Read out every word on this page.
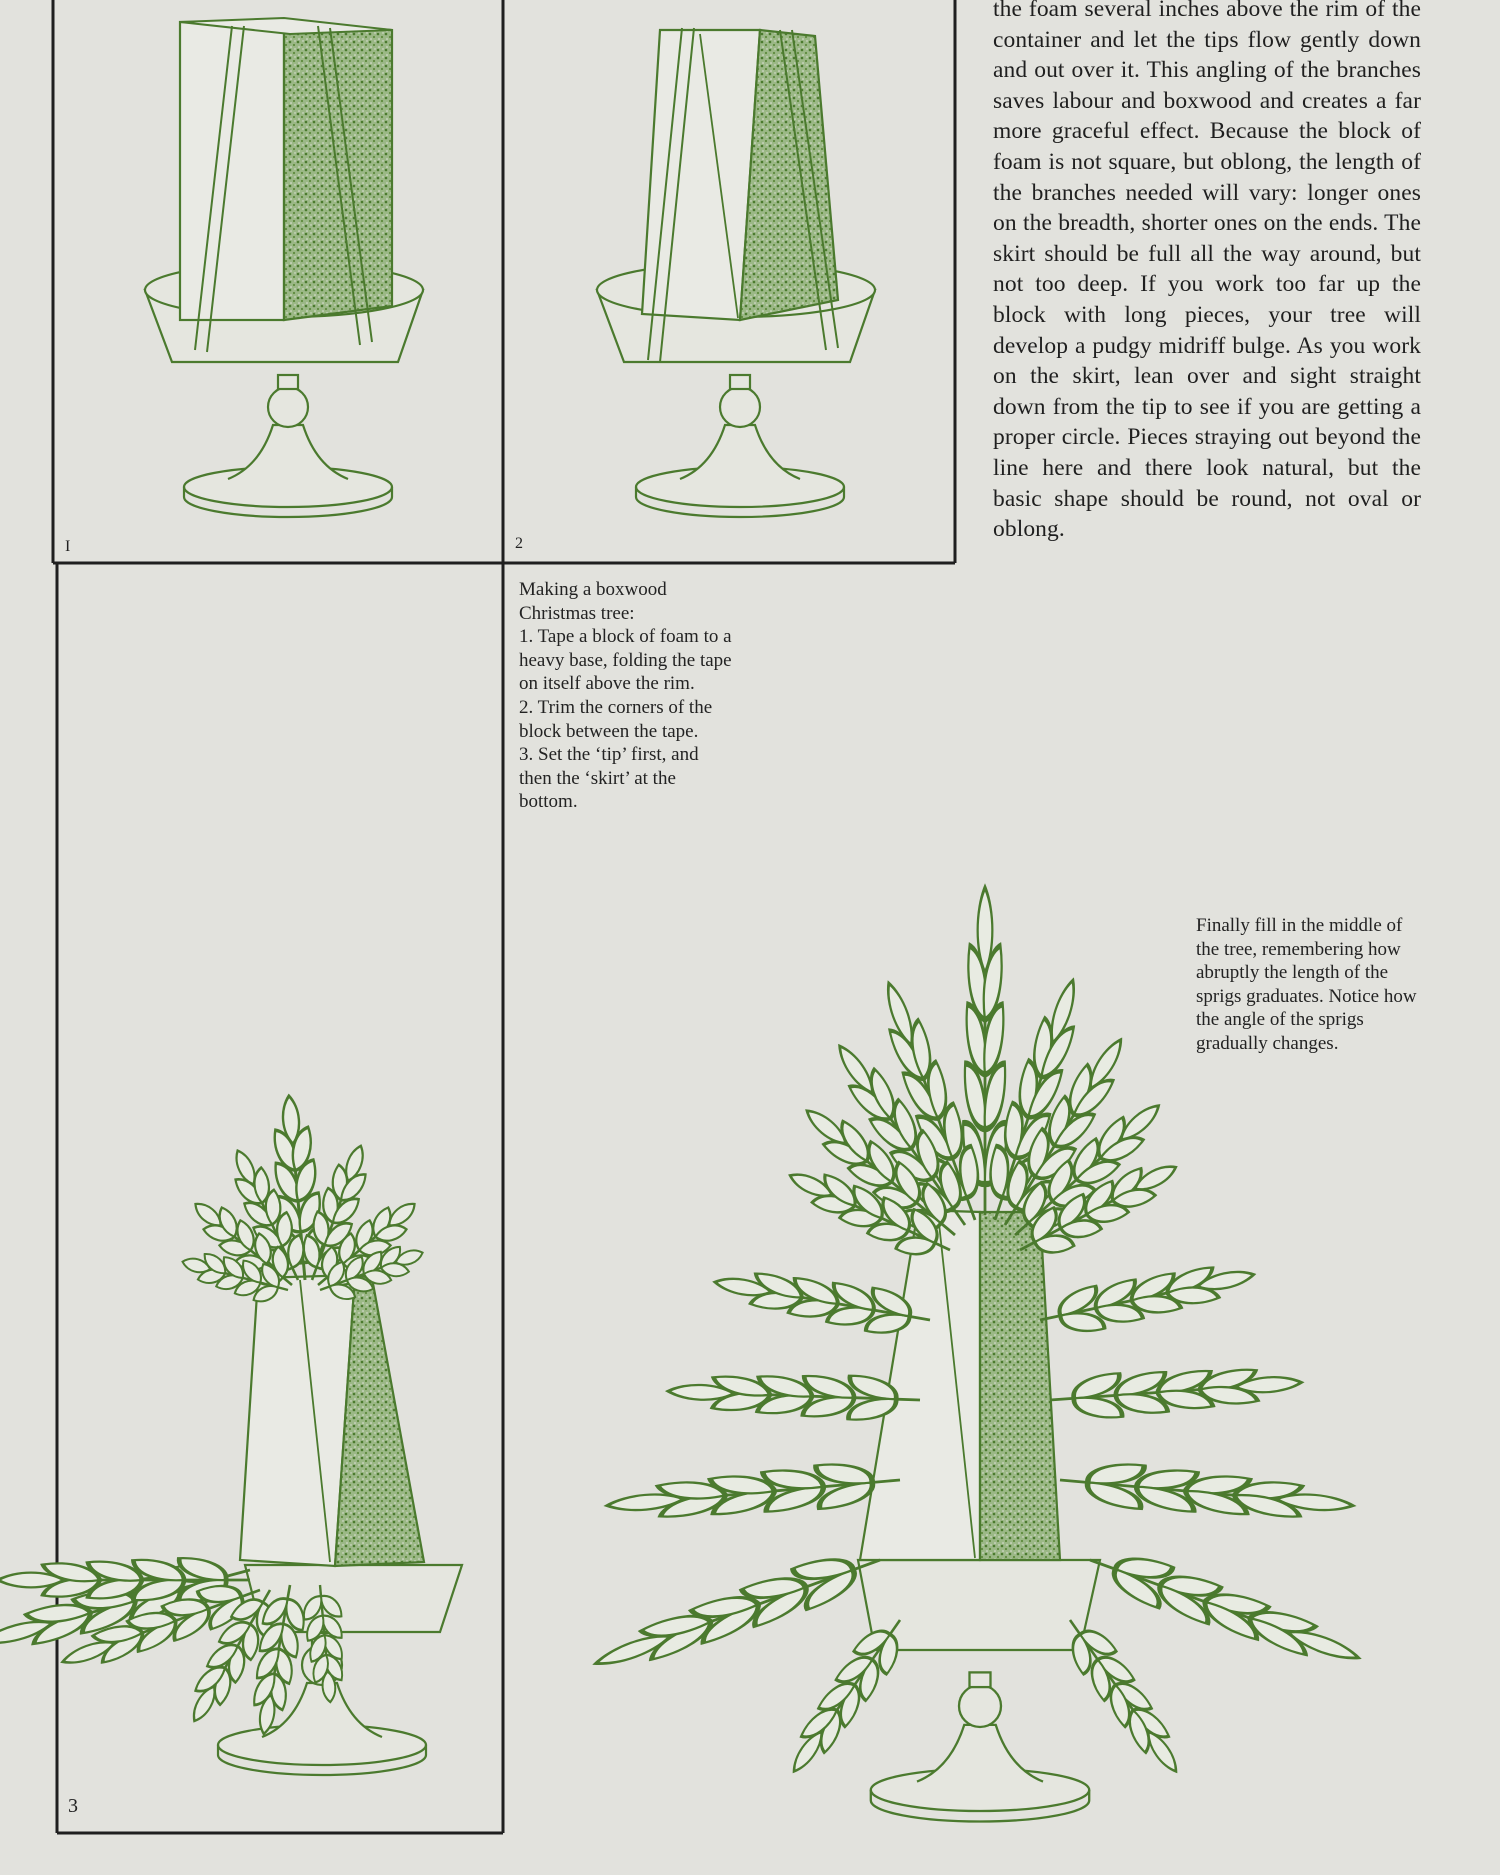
the foam several inches above the rim of the container and let the tips flow gently down and out over it. This angling of the branches saves labour and boxwood and creates a far more graceful effect. Because the block of foam is not square, but oblong, the length of the branches needed will vary: longer ones on the breadth, shorter ones on the ends. The skirt should be full all the way around, but not too deep. If you work too far up the block with long pieces, your tree will develop a pudgy midriff bulge. As you work on the skirt, lean over and sight straight down from the tip to see if you are getting a proper circle. Pieces straying out beyond the line here and there look natural, but the basic shape should be round, not oval or oblong.

Making a boxwood

Christmas tree:

1. Tape a block of foam to a heavy base, folding the tape on itself above the rim.

2. Trim the corners of the block between the tape.

3. Set the ‘tip’ first, and then the ‘skirt’ at the bottom.

Finally fill in the middle of the tree, remembering how abruptly the length of the sprigs graduates. Notice how the angle of the sprigs gradually changes.

I	2
3
